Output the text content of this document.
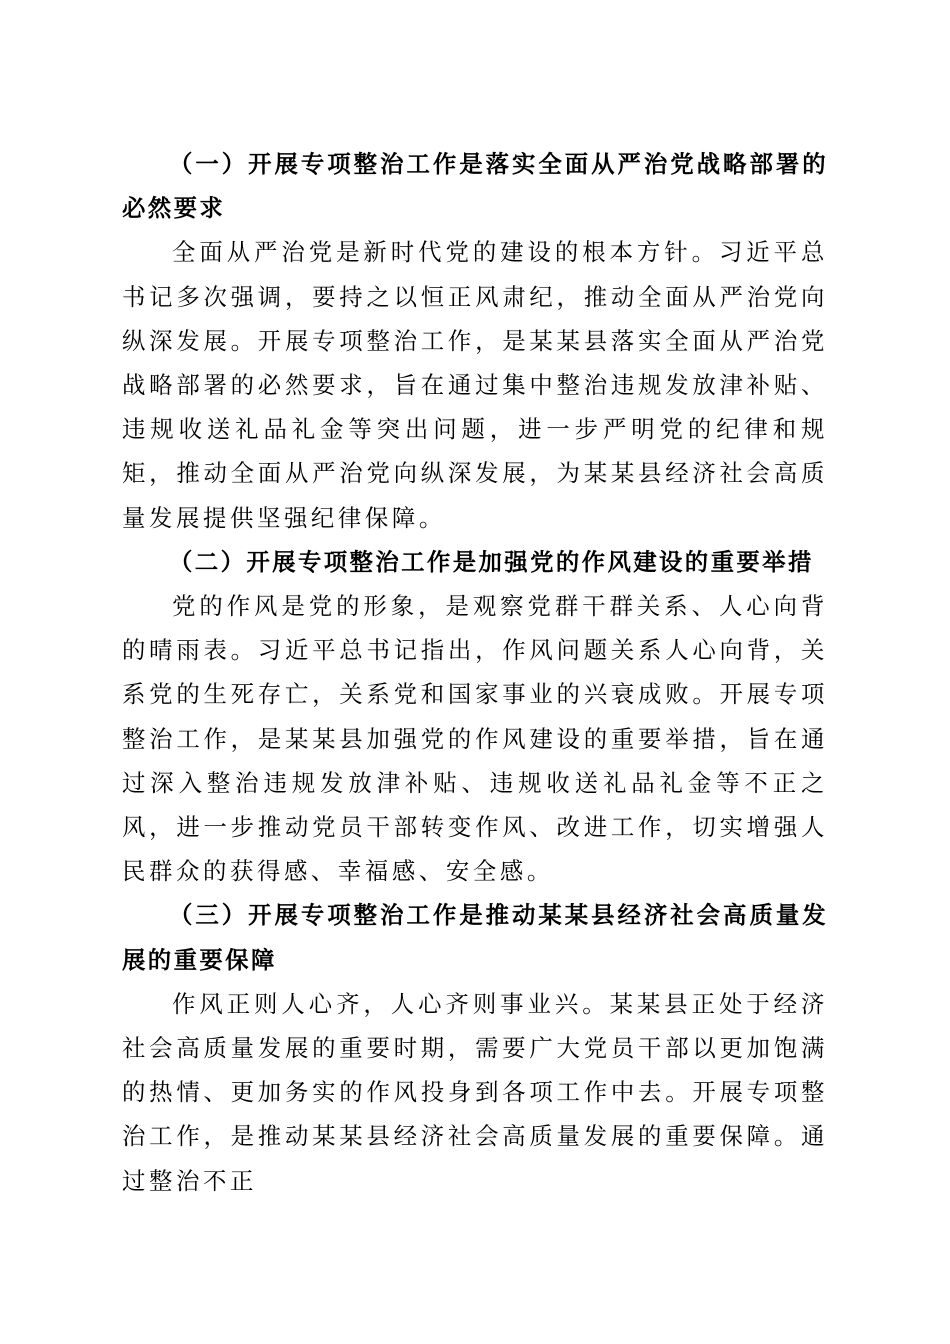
（一）开展专项整治工作是落实全面从严治党战略部署的必然要求

全面从严治党是新时代党的建设的根本方针。习近平总书记多次强调，要持之以恒正风肃纪，推动全面从严治党向纵深发展。开展专项整治工作，是某某县落实全面从严治党战略部署的必然要求，旨在通过集中整治违规发放津补贴、违规收送礼品礼金等突出问题，进一步严明党的纪律和规矩，推动全面从严治党向纵深发展，为某某县经济社会高质量发展提供坚强纪律保障。

（二）开展专项整治工作是加强党的作风建设的重要举措

党的作风是党的形象，是观察党群干群关系、人心向背的晴雨表。习近平总书记指出，作风问题关系人心向背，关系党的生死存亡，关系党和国家事业的兴衰成败。开展专项整治工作，是某某县加强党的作风建设的重要举措，旨在通过深入整治违规发放津补贴、违规收送礼品礼金等不正之风，进一步推动党员干部转变作风、改进工作，切实增强人民群众的获得感、幸福感、安全感。

（三）开展专项整治工作是推动某某县经济社会高质量发展的重要保障

作风正则人心齐，人心齐则事业兴。某某县正处于经济社会高质量发展的重要时期，需要广大党员干部以更加饱满的热情、更加务实的作风投身到各项工作中去。开展专项整治工作，是推动某某县经济社会高质量发展的重要保障。通过整治不正
